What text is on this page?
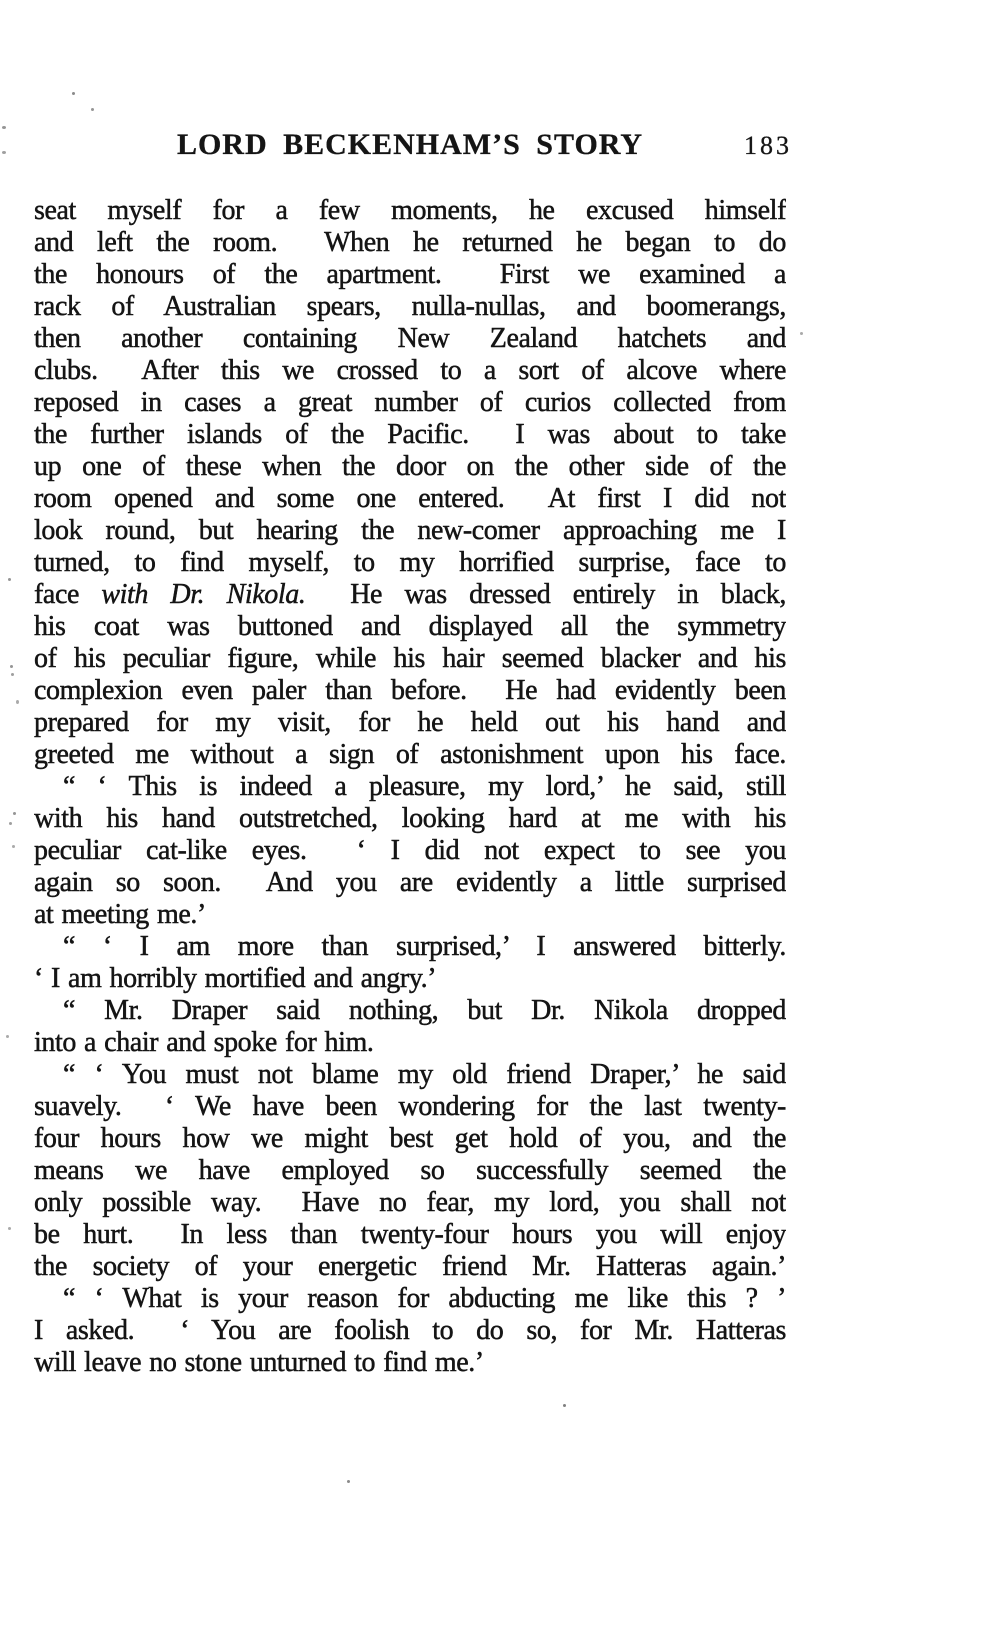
LORD BECKENHAM’S STORY	183
seat myself for a few moments, he excused himself
and left the room.  When he returned he began to do
the honours of the apartment.  First we examined a
rack of Australian spears, nulla-nullas, and boomerangs,
then another containing New Zealand hatchets and
clubs.  After this we crossed to a sort of alcove where
reposed in cases a great number of curios collected from
the further islands of the Pacific.  I was about to take
up one of these when the door on the other side of the
room opened and some one entered.  At first I did not
look round, but hearing the new-comer approaching me I
turned, to find myself, to my horrified surprise, face to
face with Dr. Nikola.  He was dressed entirely in black,
his coat was buttoned and displayed all the symmetry
of his peculiar figure, while his hair seemed blacker and his
complexion even paler than before.  He had evidently been
prepared for my visit, for he held out his hand and
greeted me without a sign of astonishment upon his face.
“ ‘ This is indeed a pleasure, my lord,’ he said, still
with his hand outstretched, looking hard at me with his
peculiar cat-like eyes.  ‘ I did not expect to see you
again so soon.  And you are evidently a little surprised
at meeting me.’
“ ‘ I am more than surprised,’ I answered bitterly.
‘ I am horribly mortified and angry.’
“ Mr. Draper said nothing, but Dr. Nikola dropped
into a chair and spoke for him.
“ ‘ You must not blame my old friend Draper,’ he said
suavely.  ‘ We have been wondering for the last twenty-
four hours how we might best get hold of you, and the
means we have employed so successfully seemed the
only possible way.  Have no fear, my lord, you shall not
be hurt.  In less than twenty-four hours you will enjoy
the society of your energetic friend Mr. Hatteras again.’
“ ‘ What is your reason for abducting me like this ? ’
I asked.  ‘ You are foolish to do so, for Mr. Hatteras
will leave no stone unturned to find me.’
